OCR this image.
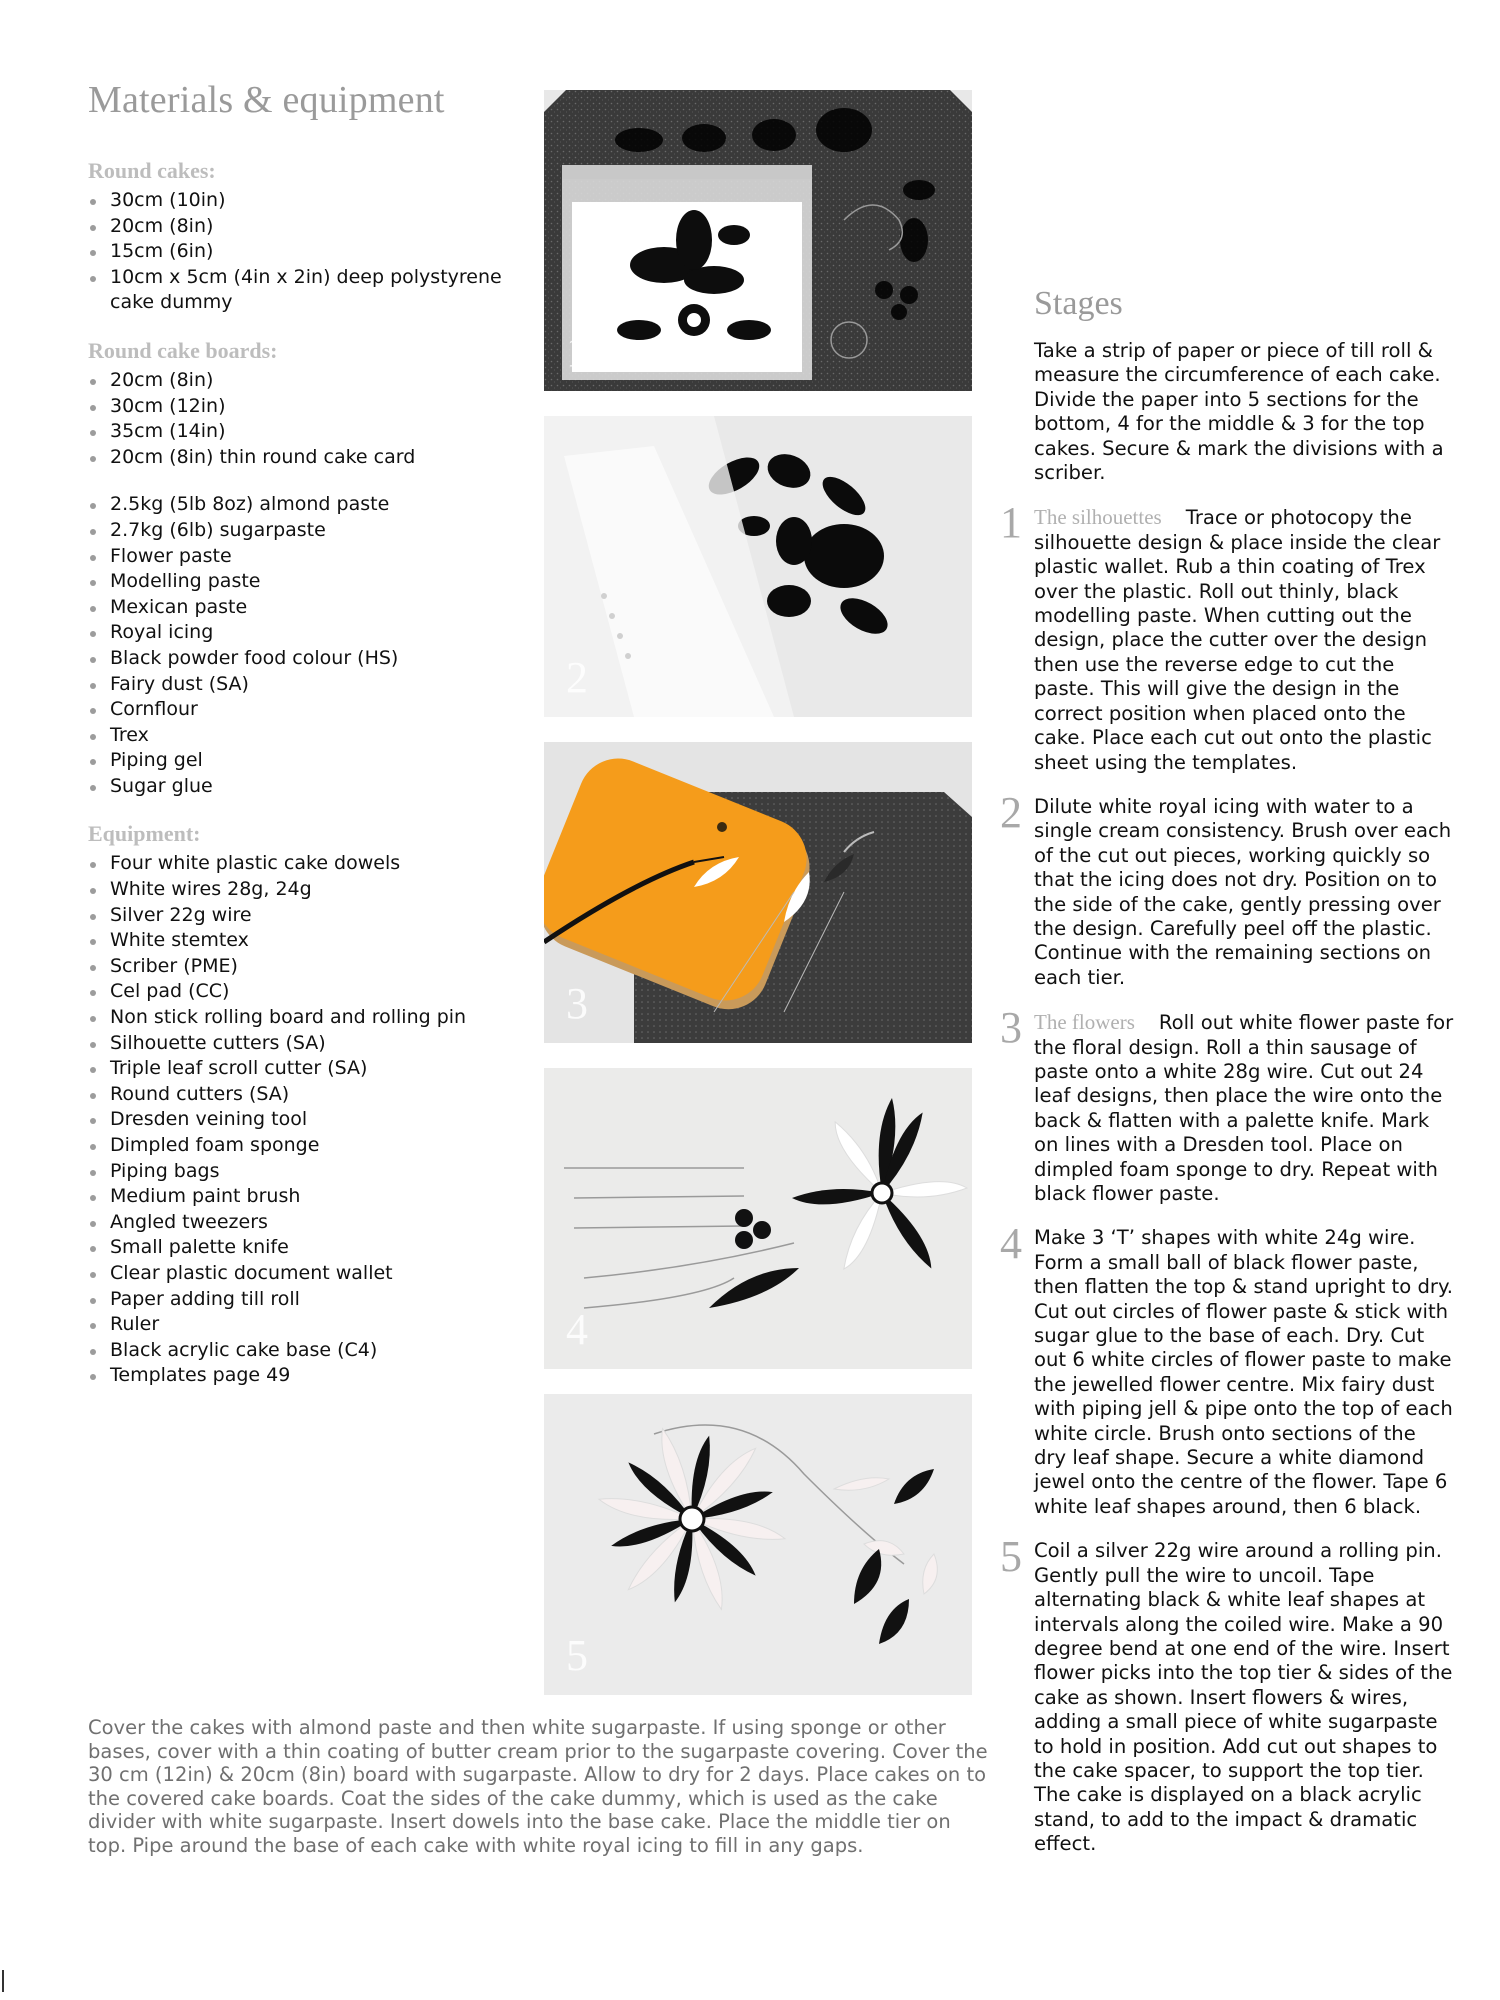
Materials & equipment
Round cakes:
30cm (10in)
20cm (8in)
15cm (6in)
10cm x 5cm (4in x 2in) deep polystyrene cake dummy
Round cake boards:
20cm (8in)
30cm (12in)
35cm (14in)
20cm (8in) thin round cake card
2.5kg (5lb 8oz) almond paste
2.7kg (6lb) sugarpaste
Flower paste
Modelling paste
Mexican paste
Royal icing
Black powder food colour (HS)
Fairy dust (SA)
Cornflour
Trex
Piping gel
Sugar glue
Equipment:
Four white plastic cake dowels
White wires 28g, 24g
Silver 22g wire
White stemtex
Scriber (PME)
Cel pad (CC)
Non stick rolling board and rolling pin
Silhouette cutters (SA)
Triple leaf scroll cutter (SA)
Round cutters (SA)
Dresden veining tool
Dimpled foam sponge
Piping bags
Medium paint brush
Angled tweezers
Small palette knife
Clear plastic document wallet
Paper adding till roll
Ruler
Black acrylic cake base (C4)
Templates page 49
1
2
3
4
5

Cover the cakes with almond paste and then white sugarpaste. If using sponge or other bases, cover with a thin coating of butter cream prior to the sugarpaste covering. Cover the 30 cm (12in) & 20cm (8in) board with sugarpaste. Allow to dry for 2 days. Place cakes on to the covered cake boards. Coat the sides of the cake dummy, which is used as the cake divider with white sugarpaste. Insert dowels into the base cake. Place the middle tier on top. Pipe around the base of each cake with white royal icing to fill in any gaps.

Stages

Take a strip of paper or piece of till roll & measure the circumference of each cake. Divide the paper into 5 sections for the bottom, 4 for the middle & 3 for the top cakes. Secure & mark the divisions with a scriber.

1 The silhouettes Trace or photocopy the silhouette design & place inside the clear plastic wallet. Rub a thin coating of Trex over the plastic. Roll out thinly, black modelling paste. When cutting out the design, place the cutter over the design then use the reverse edge to cut the paste. This will give the design in the correct position when placed onto the cake. Place each cut out onto the plastic sheet using the templates.

2 Dilute white royal icing with water to a single cream consistency. Brush over each of the cut out pieces, working quickly so that the icing does not dry. Position on to the side of the cake, gently pressing over the design. Carefully peel off the plastic. Continue with the remaining sections on each tier.

3 The flowers Roll out white flower paste for the floral design. Roll a thin sausage of paste onto a white 28g wire. Cut out 24 leaf designs, then place the wire onto the back & flatten with a palette knife. Mark on lines with a Dresden tool. Place on dimpled foam sponge to dry. Repeat with black flower paste.

4 Make 3 ‘T’ shapes with white 24g wire. Form a small ball of black flower paste, then flatten the top & stand upright to dry. Cut out circles of flower paste & stick with sugar glue to the base of each. Dry. Cut out 6 white circles of flower paste to make the jewelled flower centre. Mix fairy dust with piping jell & pipe onto the top of each white circle. Brush onto sections of the dry leaf shape. Secure a white diamond jewel onto the centre of the flower. Tape 6 white leaf shapes around, then 6 black.

5 Coil a silver 22g wire around a rolling pin. Gently pull the wire to uncoil. Tape alternating black & white leaf shapes at intervals along the coiled wire. Make a 90 degree bend at one end of the wire. Insert flower picks into the top tier & sides of the cake as shown. Insert flowers & wires, adding a small piece of white sugarpaste to hold in position. Add cut out shapes to the cake spacer, to support the top tier. The cake is displayed on a black acrylic stand, to add to the impact & dramatic effect.
